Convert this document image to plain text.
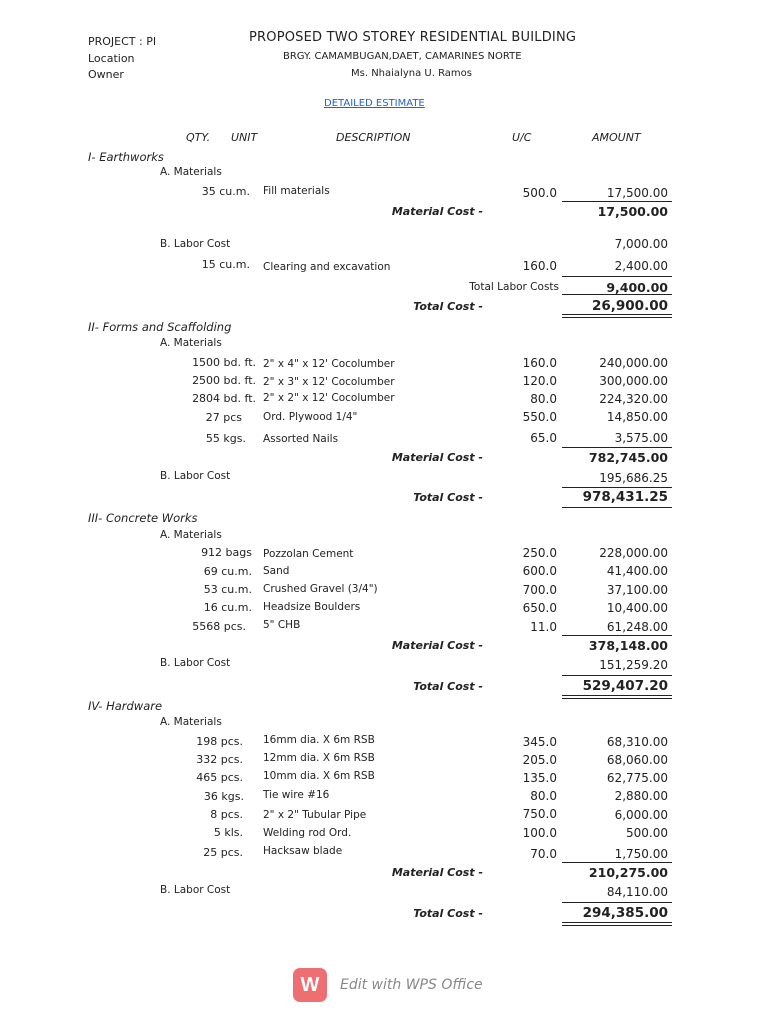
PROJECT : PI
Location
Owner
PROPOSED TWO STOREY RESIDENTIAL BUILDING
BRGY. CAMAMBUGAN,DAET, CAMARINES NORTE
Ms. Nhaialyna U. Ramos
DETAILED ESTIMATE
QTY. UNIT	DESCRIPTION	U/C	AMOUNT
I- Earthworks
A. Materials
35 cu.m. Fill materials	500.0	17,500.00
Material Cost -	17,500.00
B. Labor Cost	7,000.00
15 cu.m. Clearing and excavation	160.0	2,400.00
Total Labor Costs	9,400.00
Total Cost -	26,900.00
II- Forms and Scaffolding
A. Materials
1500 bd. ft. 2" x 4" x 12' Cocolumber	160.0	240,000.00
2500 bd. ft. 2" x 3" x 12' Cocolumber	120.0	300,000.00
2804 bd. ft. 2" x 2" x 12' Cocolumber	80.0	224,320.00
27 pcs Ord. Plywood 1/4"	550.0	14,850.00
55 kgs. Assorted Nails	65.0	3,575.00
Material Cost -	782,745.00
B. Labor Cost	195,686.25
Total Cost -	978,431.25
III- Concrete Works
A. Materials
912 bags Pozzolan Cement	250.0	228,000.00
69 cu.m. Sand	600.0	41,400.00
53 cu.m. Crushed Gravel (3/4")	700.0	37,100.00
16 cu.m. Headsize Boulders	650.0	10,400.00
5568 pcs. 5" CHB	11.0	61,248.00
Material Cost -	378,148.00
B. Labor Cost	151,259.20
Total Cost -	529,407.20
IV- Hardware
A. Materials
198 pcs. 16mm dia. X 6m RSB	345.0	68,310.00
332 pcs. 12mm dia. X 6m RSB	205.0	68,060.00
465 pcs. 10mm dia. X 6m RSB	135.0	62,775.00
36 kgs. Tie wire #16	80.0	2,880.00
8 pcs. 2" x 2" Tubular Pipe	750.0	6,000.00
5 kls. Welding rod Ord.	100.0	500.00
25 pcs. Hacksaw blade	70.0	1,750.00
Material Cost -	210,275.00
B. Labor Cost	84,110.00
Total Cost -	294,385.00
W	Edit with WPS Office
